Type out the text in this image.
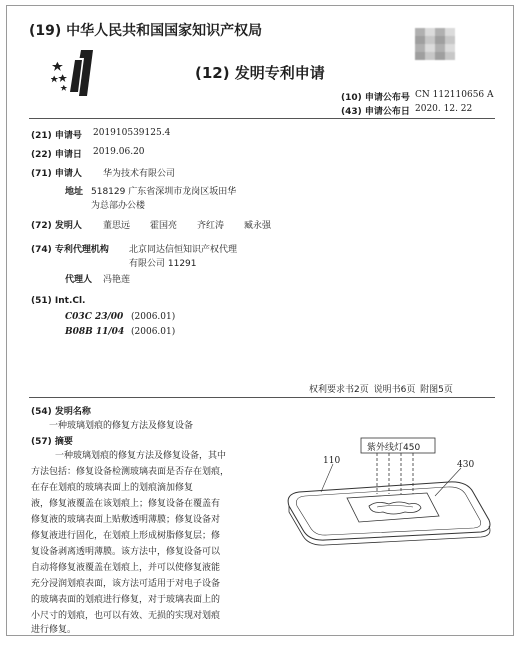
(19) 中华人民共和国国家知识产权局
(12) 发明专利申请
(10) 申请公布号 CN 112110656 A
(43) 申请公布日 2020. 12. 22
(21) 申请号 201910539125.4
(22) 申请日 2019.06.20
(71) 申请人 华为技术有限公司
地址 518129 广东省深圳市龙岗区坂田华
为总部办公楼
(72) 发明人 董思远 霍国亮 齐红涛 臧永强
(74) 专利代理机构 北京同达信恒知识产权代理
有限公司 11291
代理人 冯艳莲
(51) Int.Cl.
C03C 23/00 (2006.01)
B08B 11/04 (2006.01)
权利要求书2页 说明书6页 附图5页
(54) 发明名称
一种玻璃划痕的修复方法及修复设备
(57) 摘要
一种玻璃划痕的修复方法及修复设备，其中
方法包括：修复设备检测玻璃表面是否存在划痕，
在存在划痕的玻璃表面上的划痕滴加修复
液，修复液覆盖在该划痕上；修复设备在覆盖有
修复液的玻璃表面上贴敷透明薄膜；修复设备对
修复液进行固化，在划痕上形成树脂修复层；修
复设备剥离透明薄膜。该方法中，修复设备可以
自动将修复液覆盖在划痕上，并可以使修复液能
充分浸润划痕表面，该方法可适用于对电子设备
的玻璃表面的划痕进行修复，对于玻璃表面上的
小尺寸的划痕，也可以有效、无损的实现对划痕
进行修复。
紫外线灯450
110	430
